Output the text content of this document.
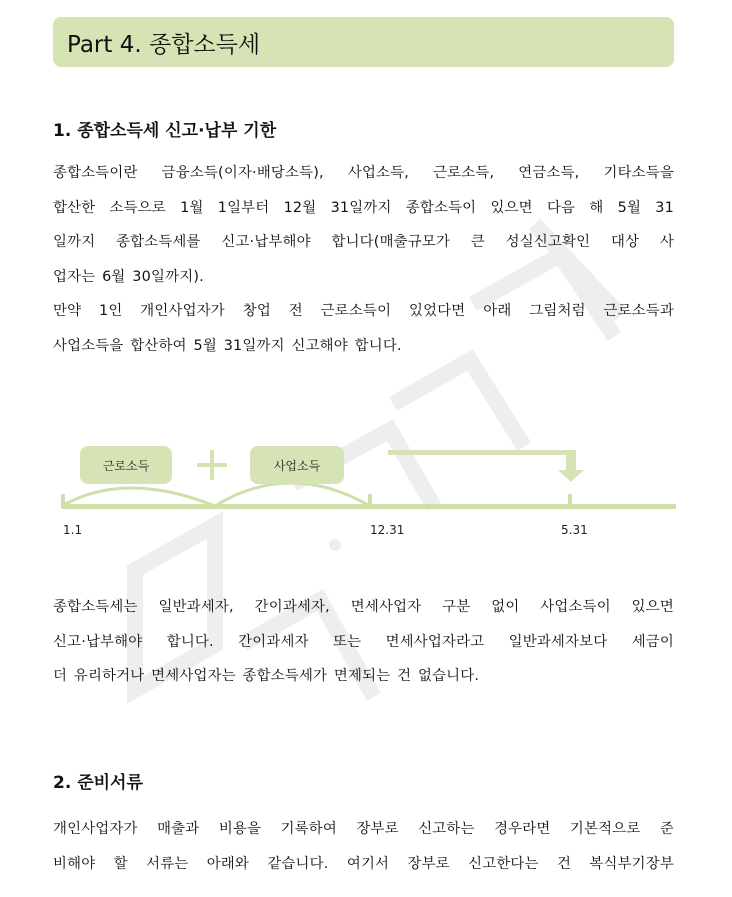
Part 4. 종합소득세
1. 종합소득세 신고·납부 기한
종합소득이란 금융소득(이자·배당소득), 사업소득, 근로소득, 연금소득, 기타소득을
합산한 소득으로 1월 1일부터 12월 31일까지 종합소득이 있으면 다음 해 5월 31
일까지 종합소득세를 신고·납부해야 합니다(매출규모가 큰 성실신고확인 대상 사
업자는 6월 30일까지).
만약 1인 개인사업자가 창업 전 근로소득이 있었다면 아래 그림처럼 근로소득과
사업소득을 합산하여 5월 31일까지 신고해야 합니다.
근로소득	사업소득
1.1	12.31	5.31
종합소득세는 일반과세자, 간이과세자, 면세사업자 구분 없이 사업소득이 있으면
신고·납부해야 합니다. 간이과세자 또는 면세사업자라고 일반과세자보다 세금이
더 유리하거나 면세사업자는 종합소득세가 면제되는 건 없습니다.
2. 준비서류
개인사업자가 매출과 비용을 기록하여 장부로 신고하는 경우라면 기본적으로 준
비해야 할 서류는 아래와 같습니다. 여기서 장부로 신고한다는 건 복식부기장부
